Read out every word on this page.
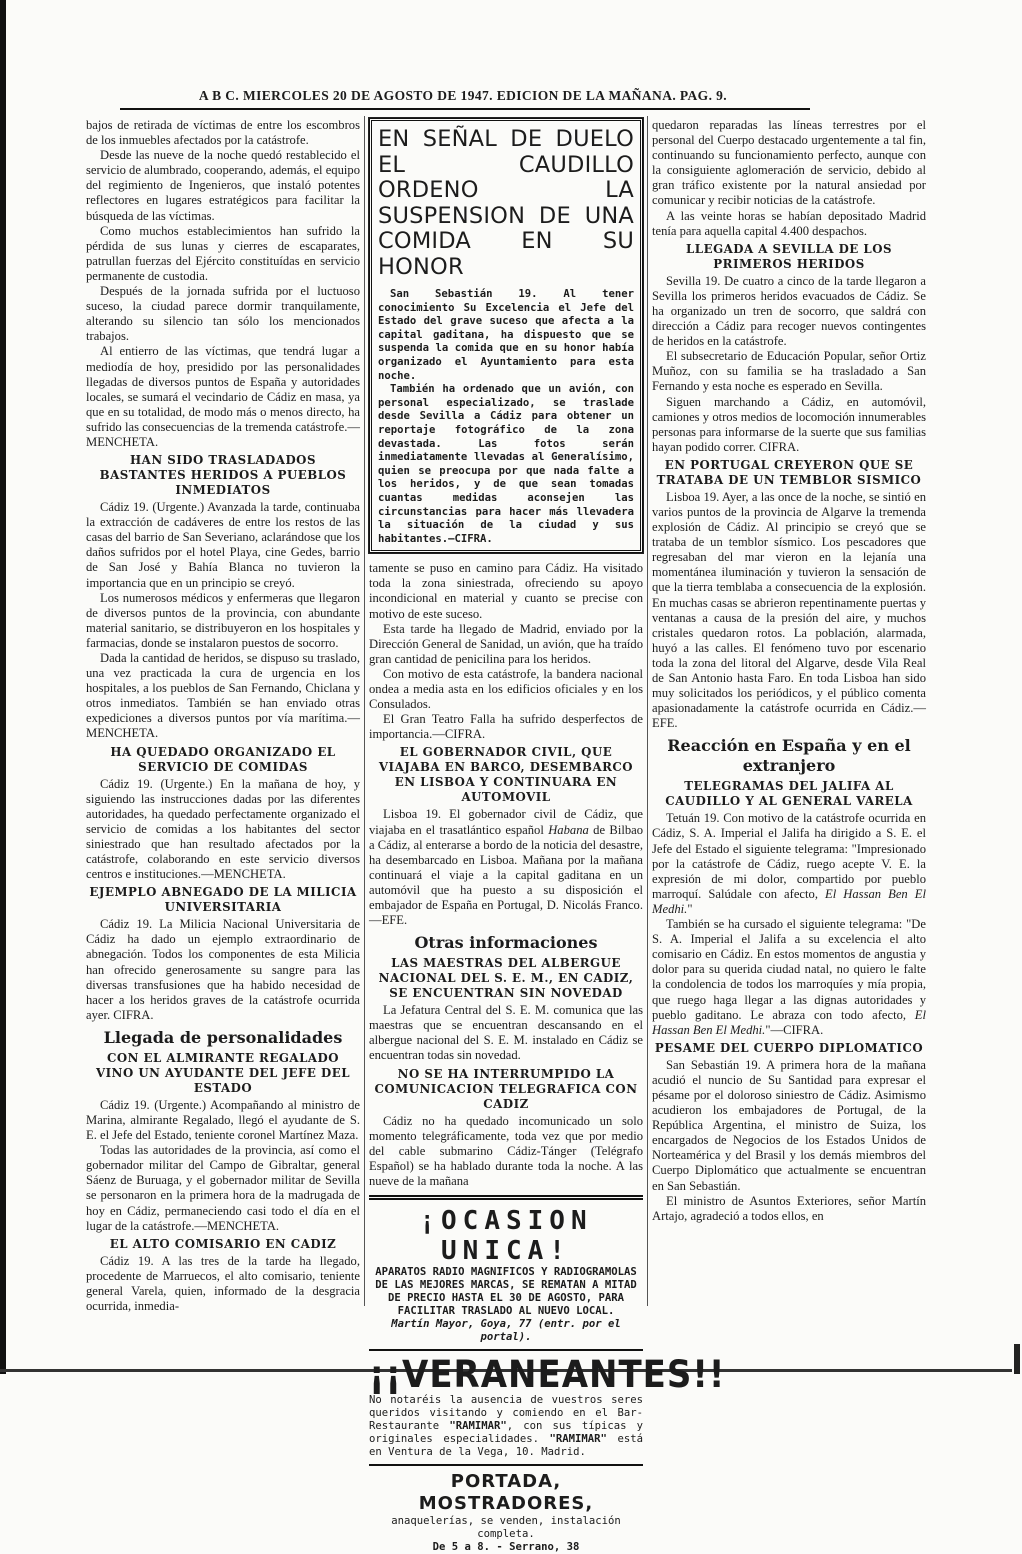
A B C. MIERCOLES 20 DE AGOSTO DE 1947. EDICION DE LA MAÑANA. PAG. 9.

bajos de retirada de víctimas de entre los escombros de los inmuebles afectados por la catástrofe.

Desde las nueve de la noche quedó restablecido el servicio de alumbrado, cooperando, además, el equipo del regimiento de Ingenieros, que instaló potentes reflectores en lugares estratégicos para facilitar la búsqueda de las víctimas.

Como muchos establecimientos han sufrido la pérdida de sus lunas y cierres de escaparates, patrullan fuerzas del Ejército constituídas en servicio permanente de custodia.

Después de la jornada sufrida por el luctuoso suceso, la ciudad parece dormir tranquilamente, alterando su silencio tan sólo los mencionados trabajos.

Al entierro de las víctimas, que tendrá lugar a mediodía de hoy, presidido por las personalidades llegadas de diversos puntos de España y autoridades locales, se sumará el vecindario de Cádiz en masa, ya que en su totalidad, de modo más o menos directo, ha sufrido las consecuencias de la tremenda catástrofe.—MENCHETA.

HAN SIDO TRASLADADOS BASTANTES HERIDOS A PUEBLOS INMEDIATOS

Cádiz 19. (Urgente.) Avanzada la tarde, continuaba la extracción de cadáveres de entre los restos de las casas del barrio de San Severiano, aclarándose que los daños sufridos por el hotel Playa, cine Gedes, barrio de San José y Bahía Blanca no tuvieron la importancia que en un principio se creyó.

Los numerosos médicos y enfermeras que llegaron de diversos puntos de la provincia, con abundante material sanitario, se distribuyeron en los hospitales y farmacias, donde se instalaron puestos de socorro.

Dada la cantidad de heridos, se dispuso su traslado, una vez practicada la cura de urgencia en los hospitales, a los pueblos de San Fernando, Chiclana y otros inmediatos. También se han enviado otras expediciones a diversos puntos por vía marítima.—MENCHETA.

HA QUEDADO ORGANIZADO EL SERVICIO DE COMIDAS

Cádiz 19. (Urgente.) En la mañana de hoy, y siguiendo las instrucciones dadas por las diferentes autoridades, ha quedado perfectamente organizado el servicio de comidas a los habitantes del sector siniestrado que han resultado afectados por la catástrofe, colaborando en este servicio diversos centros e instituciones.—MENCHETA.

EJEMPLO ABNEGADO DE LA MILICIA UNIVERSITARIA

Cádiz 19. La Milicia Nacional Universitaria de Cádiz ha dado un ejemplo extraordinario de abnegación. Todos los componentes de esta Milicia han ofrecido generosamente su sangre para las diversas transfusiones que ha habido necesidad de hacer a los heridos graves de la catástrofe ocurrida ayer. CIFRA.

Llegada de personalidades
CON EL ALMIRANTE REGALADO VINO UN AYUDANTE DEL JEFE DEL ESTADO

Cádiz 19. (Urgente.) Acompañando al ministro de Marina, almirante Regalado, llegó el ayudante de S. E. el Jefe del Estado, teniente coronel Martínez Maza.

Todas las autoridades de la provincia, así como el gobernador militar del Campo de Gibraltar, general Sáenz de Buruaga, y el gobernador militar de Sevilla se personaron en la primera hora de la madrugada de hoy en Cádiz, permaneciendo casi todo el día en el lugar de la catástrofe.—MENCHETA.

EL ALTO COMISARIO EN CADIZ

Cádiz 19. A las tres de la tarde ha llegado, procedente de Marruecos, el alto comisario, teniente general Varela, quien, informado de la desgracia ocurrida, inmedia-

EN SEÑAL DE DUELO EL CAUDILLO ORDENO LA SUSPENSION DE UNA COMIDA EN SU HONOR

San Sebastián 19. Al tener conocimiento Su Excelencia el Jefe del Estado del grave suceso que afecta a la capital gaditana, ha dispuesto que se suspenda la comida que en su honor había organizado el Ayuntamiento para esta noche.

También ha ordenado que un avión, con personal especializado, se traslade desde Sevilla a Cádiz para obtener un reportaje fotográfico de la zona devastada. Las fotos serán inmediatamente llevadas al Generalísimo, quien se preocupa por que nada falte a los heridos, y de que sean tomadas cuantas medidas aconsejen las circunstancias para hacer más llevadera la situación de la ciudad y sus habitantes.—CIFRA.

tamente se puso en camino para Cádiz. Ha visitado toda la zona siniestrada, ofreciendo su apoyo incondicional en material y cuanto se precise con motivo de este suceso.

Esta tarde ha llegado de Madrid, enviado por la Dirección General de Sanidad, un avión, que ha traído gran cantidad de penicilina para los heridos.

Con motivo de esta catástrofe, la bandera nacional ondea a media asta en los edificios oficiales y en los Consulados.

El Gran Teatro Falla ha sufrido desperfectos de importancia.—CIFRA.

EL GOBERNADOR CIVIL, QUE VIAJABA EN BARCO, DESEMBARCO EN LISBOA Y CONTINUARA EN AUTOMOVIL

Lisboa 19. El gobernador civil de Cádiz, que viajaba en el trasatlántico español Habana de Bilbao a Cádiz, al enterarse a bordo de la noticia del desastre, ha desembarcado en Lisboa. Mañana por la mañana continuará el viaje a la capital gaditana en un automóvil que ha puesto a su disposición el embajador de España en Portugal, D. Nicolás Franco.—EFE.

Otras informaciones
LAS MAESTRAS DEL ALBERGUE NACIONAL DEL S. E. M., EN CADIZ, SE ENCUENTRAN SIN NOVEDAD

La Jefatura Central del S. E. M. comunica que las maestras que se encuentran descansando en el albergue nacional del S. E. M. instalado en Cádiz se encuentran todas sin novedad.

NO SE HA INTERRUMPIDO LA COMUNICACION TELEGRAFICA CON CADIZ

Cádiz no ha quedado incomunicado un solo momento telegráficamente, toda vez que por medio del cable submarino Cádiz-Tánger (Telégrafo Español) se ha hablado durante toda la noche. A las nueve de la mañana

¡OCASION UNICA!
APARATOS RADIO MAGNIFICOS Y RADIOGRAMOLAS DE LAS MEJORES MARCAS, SE REMATAN A MITAD DE PRECIO HASTA EL 30 DE AGOSTO, PARA FACILITAR TRASLADO AL NUEVO LOCAL.
Martín Mayor, Goya, 77 (entr. por el portal).
¡¡VERANEANTES!!
No notaréis la ausencia de vuestros seres queridos visitando y comiendo en el Bar-Restaurante "RAMIMAR", con sus típicas y originales especialidades. "RAMIMAR" está en Ventura de la Vega, 10. Madrid.
PORTADA, MOSTRADORES,
anaquelerías, se venden, instalación completa.
De 5 a 8. - Serrano, 38

quedaron reparadas las líneas terrestres por el personal del Cuerpo destacado urgentemente a tal fin, continuando su funcionamiento perfecto, aunque con la consiguiente aglomeración de servicio, debido al gran tráfico existente por la natural ansiedad por comunicar y recibir noticias de la catástrofe.

A las veinte horas se habían depositado Madrid tenía para aquella capital 4.400 despachos.

LLEGADA A SEVILLA DE LOS PRIMEROS HERIDOS

Sevilla 19. De cuatro a cinco de la tarde llegaron a Sevilla los primeros heridos evacuados de Cádiz. Se ha organizado un tren de socorro, que saldrá con dirección a Cádiz para recoger nuevos contingentes de heridos en la catástrofe.

El subsecretario de Educación Popular, señor Ortiz Muñoz, con su familia se ha trasladado a San Fernando y esta noche es esperado en Sevilla.

Siguen marchando a Cádiz, en automóvil, camiones y otros medios de locomoción innumerables personas para informarse de la suerte que sus familias hayan podido correr. CIFRA.

EN PORTUGAL CREYERON QUE SE TRATABA DE UN TEMBLOR SISMICO

Lisboa 19. Ayer, a las once de la noche, se sintió en varios puntos de la provincia de Algarve la tremenda explosión de Cádiz. Al principio se creyó que se trataba de un temblor sísmico. Los pescadores que regresaban del mar vieron en la lejanía una momentánea iluminación y tuvieron la sensación de que la tierra temblaba a consecuencia de la explosión. En muchas casas se abrieron repentinamente puertas y ventanas a causa de la presión del aire, y muchos cristales quedaron rotos. La población, alarmada, huyó a las calles. El fenómeno tuvo por escenario toda la zona del litoral del Algarve, desde Vila Real de San Antonio hasta Faro. En toda Lisboa han sido muy solicitados los periódicos, y el público comenta apasionadamente la catástrofe ocurrida en Cádiz.—EFE.

Reacción en España y en el extranjero
TELEGRAMAS DEL JALIFA AL CAUDILLO Y AL GENERAL VARELA

Tetuán 19. Con motivo de la catástrofe ocurrida en Cádiz, S. A. Imperial el Jalifa ha dirigido a S. E. el Jefe del Estado el siguiente telegrama: "Impresionado por la catástrofe de Cádiz, ruego acepte V. E. la expresión de mi dolor, compartido por pueblo marroquí. Salúdale con afecto, El Hassan Ben El Medhi."

También se ha cursado el siguiente telegrama: "De S. A. Imperial el Jalifa a su excelencia el alto comisario en Cádiz. En estos momentos de angustia y dolor para su querida ciudad natal, no quiero le falte la condolencia de todos los marroquíes y mía propia, que ruego haga llegar a las dignas autoridades y pueblo gaditano. Le abraza con todo afecto, El Hassan Ben El Medhi."—CIFRA.

PESAME DEL CUERPO DIPLOMATICO

San Sebastián 19. A primera hora de la mañana acudió el nuncio de Su Santidad para expresar el pésame por el doloroso siniestro de Cádiz. Asimismo acudieron los embajadores de Portugal, de la República Argentina, el ministro de Suiza, los encargados de Negocios de los Estados Unidos de Norteamérica y del Brasil y los demás miembros del Cuerpo Diplomático que actualmente se encuentran en San Sebastián.

El ministro de Asuntos Exteriores, señor Martín Artajo, agradeció a todos ellos, en
